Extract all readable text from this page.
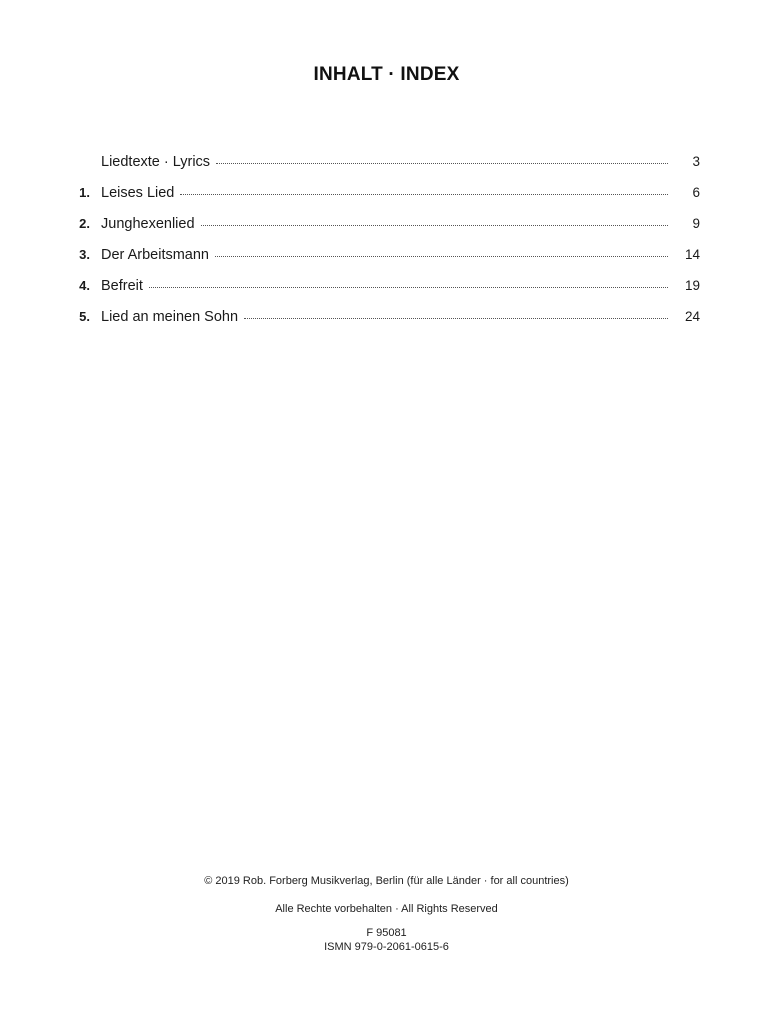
INHALT · INDEX
Liedtexte · Lyrics	3
1. Leises Lied	6
2. Junghexenlied	9
3. Der Arbeitsmann	14
4. Befreit	19
5. Lied an meinen Sohn	24
© 2019 Rob. Forberg Musikverlag, Berlin (für alle Länder · for all countries)
Alle Rechte vorbehalten · All Rights Reserved
F 95081
ISMN 979-0-2061-0615-6
